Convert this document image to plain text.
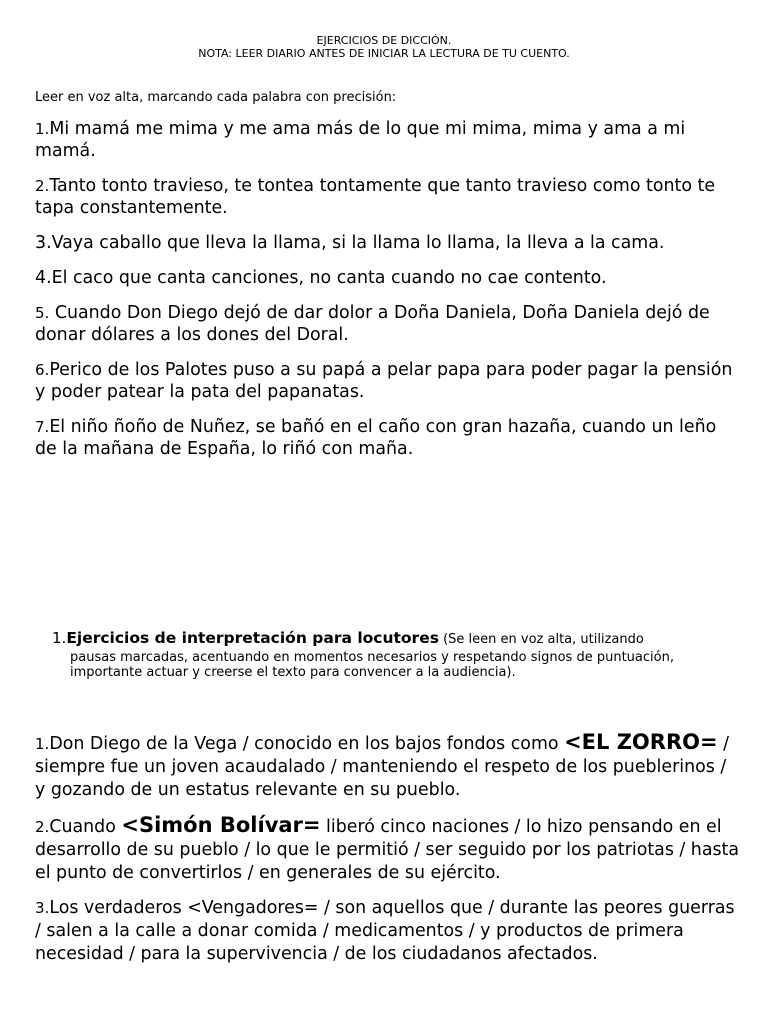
EJERCICIOS DE DICCIÓN.
NOTA: LEER DIARIO ANTES DE INICIAR LA LECTURA DE TU CUENTO.
Leer en voz alta, marcando cada palabra con precisión:

1.Mi mamá me mima y me ama más de lo que mi mima, mima y ama a mi mamá.

2.Tanto tonto travieso, te tontea tontamente que tanto travieso como tonto te tapa constantemente.

3.Vaya caballo que lleva la llama, si la llama lo llama, la lleva a la cama.

4.El caco que canta canciones, no canta cuando no cae contento.

5. Cuando Don Diego dejó de dar dolor a Doña Daniela, Doña Daniela dejó de donar dólares a los dones del Doral.

6.Perico de los Palotes puso a su papá a pelar papa para poder pagar la pensión y poder patear la pata del papanatas.

7.El niño ñoño de Nuñez, se bañó en el caño con gran hazaña, cuando un leño de la mañana de España, lo riñó con maña.

1.Ejercicios de interpretación para locutores (Se leen en voz alta, utilizando
pausas marcadas, acentuando en momentos necesarios y respetando signos de puntuación, importante actuar y creerse el texto para convencer a la audiencia).

1.Don Diego de la Vega / conocido en los bajos fondos como <EL ZORRO= / siempre fue un joven acaudalado / manteniendo el respeto de los pueblerinos / y gozando de un estatus relevante en su pueblo.

2.Cuando <Simón Bolívar= liberó cinco naciones / lo hizo pensando en el desarrollo de su pueblo / lo que le permitió / ser seguido por los patriotas / hasta el punto de convertirlos / en generales de su ejército.

3.Los verdaderos <Vengadores= / son aquellos que / durante las peores guerras / salen a la calle a donar comida / medicamentos / y productos de primera necesidad / para la supervivencia / de los ciudadanos afectados.
